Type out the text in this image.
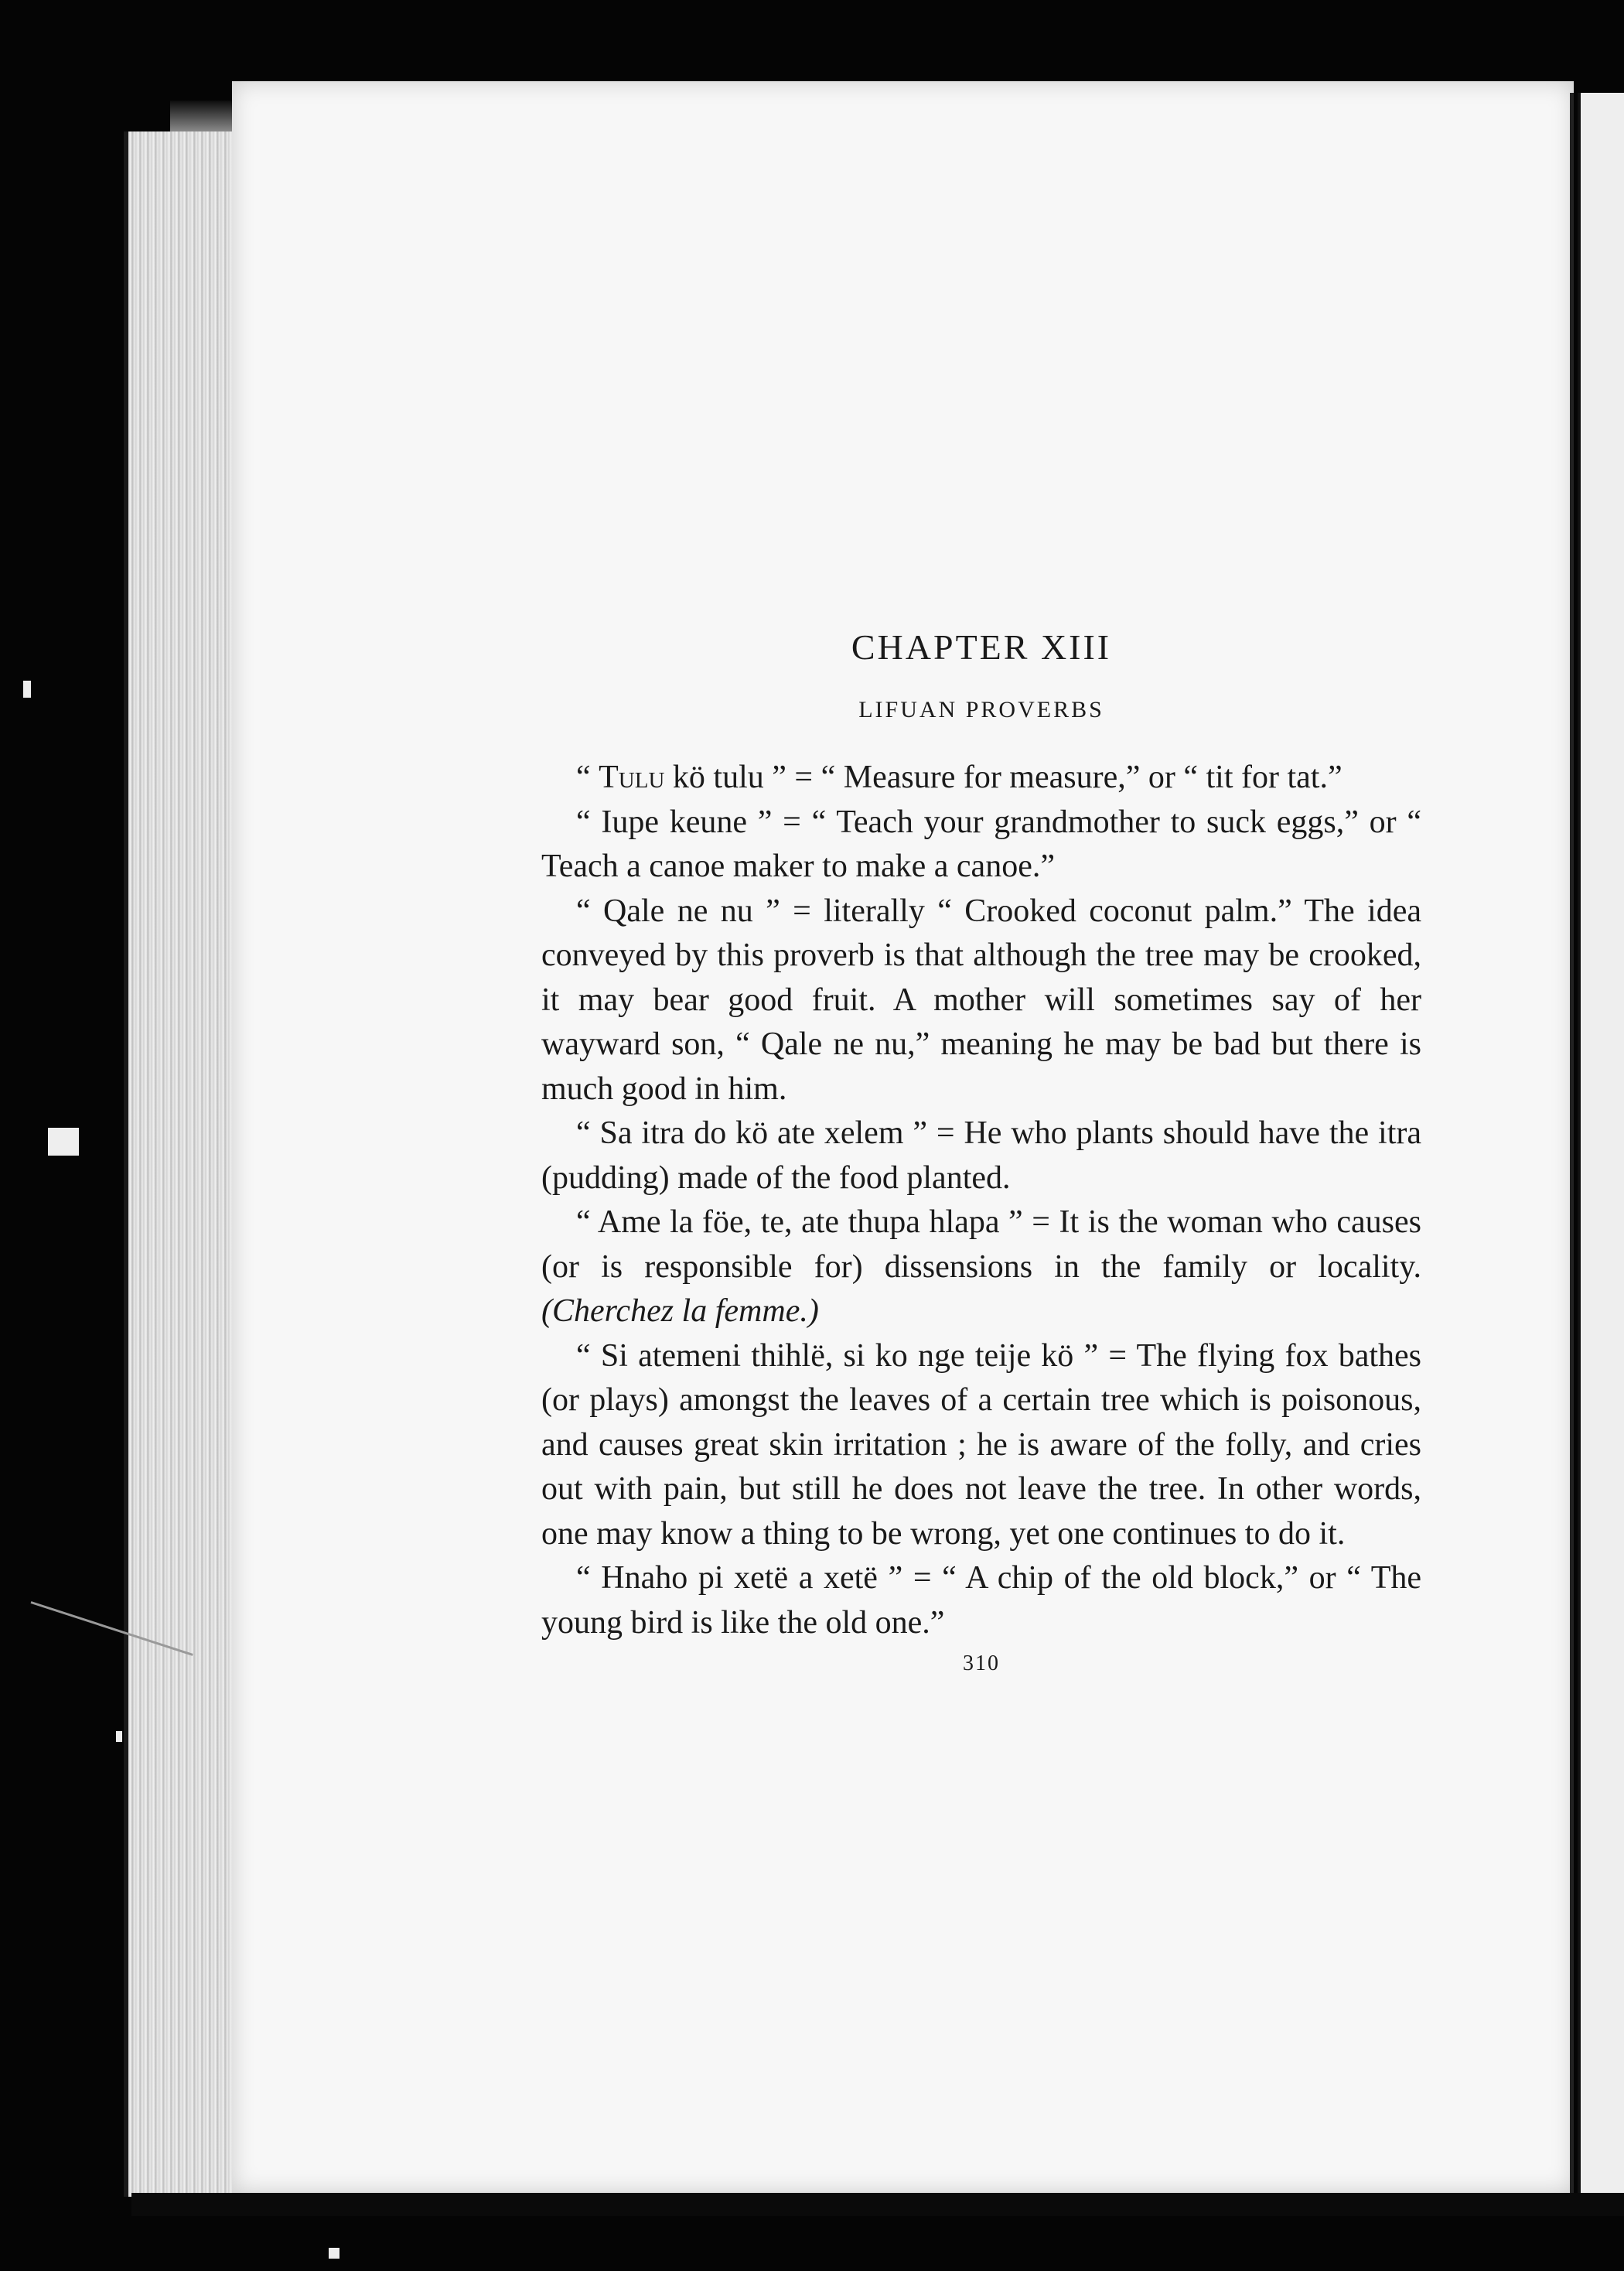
CHAPTER XIII
LIFUAN PROVERBS

“ Tulu kö tulu ” = “ Measure for measure,” or “ tit for tat.”

“ Iupe keune ” = “ Teach your grandmother to suck eggs,” or “ Teach a canoe maker to make a canoe.”

“ Qale ne nu ” = literally “ Crooked coconut palm.” The idea conveyed by this proverb is that although the tree may be crooked, it may bear good fruit. A mother will sometimes say of her wayward son, “ Qale ne nu,” meaning he may be bad but there is much good in him.

“ Sa itra do kö ate xelem ” = He who plants should have the itra (pudding) made of the food planted.

“ Ame la föe, te, ate thupa hlapa ” = It is the woman who causes (or is responsible for) dissensions in the family or locality. (Cherchez la femme.)

“ Si atemeni thihlë, si ko nge teije kö ” = The flying fox bathes (or plays) amongst the leaves of a certain tree which is poisonous, and causes great skin irritation ; he is aware of the folly, and cries out with pain, but still he does not leave the tree. In other words, one may know a thing to be wrong, yet one continues to do it.

“ Hnaho pi xetë a xetë ” = “ A chip of the old block,” or “ The young bird is like the old one.”

310
